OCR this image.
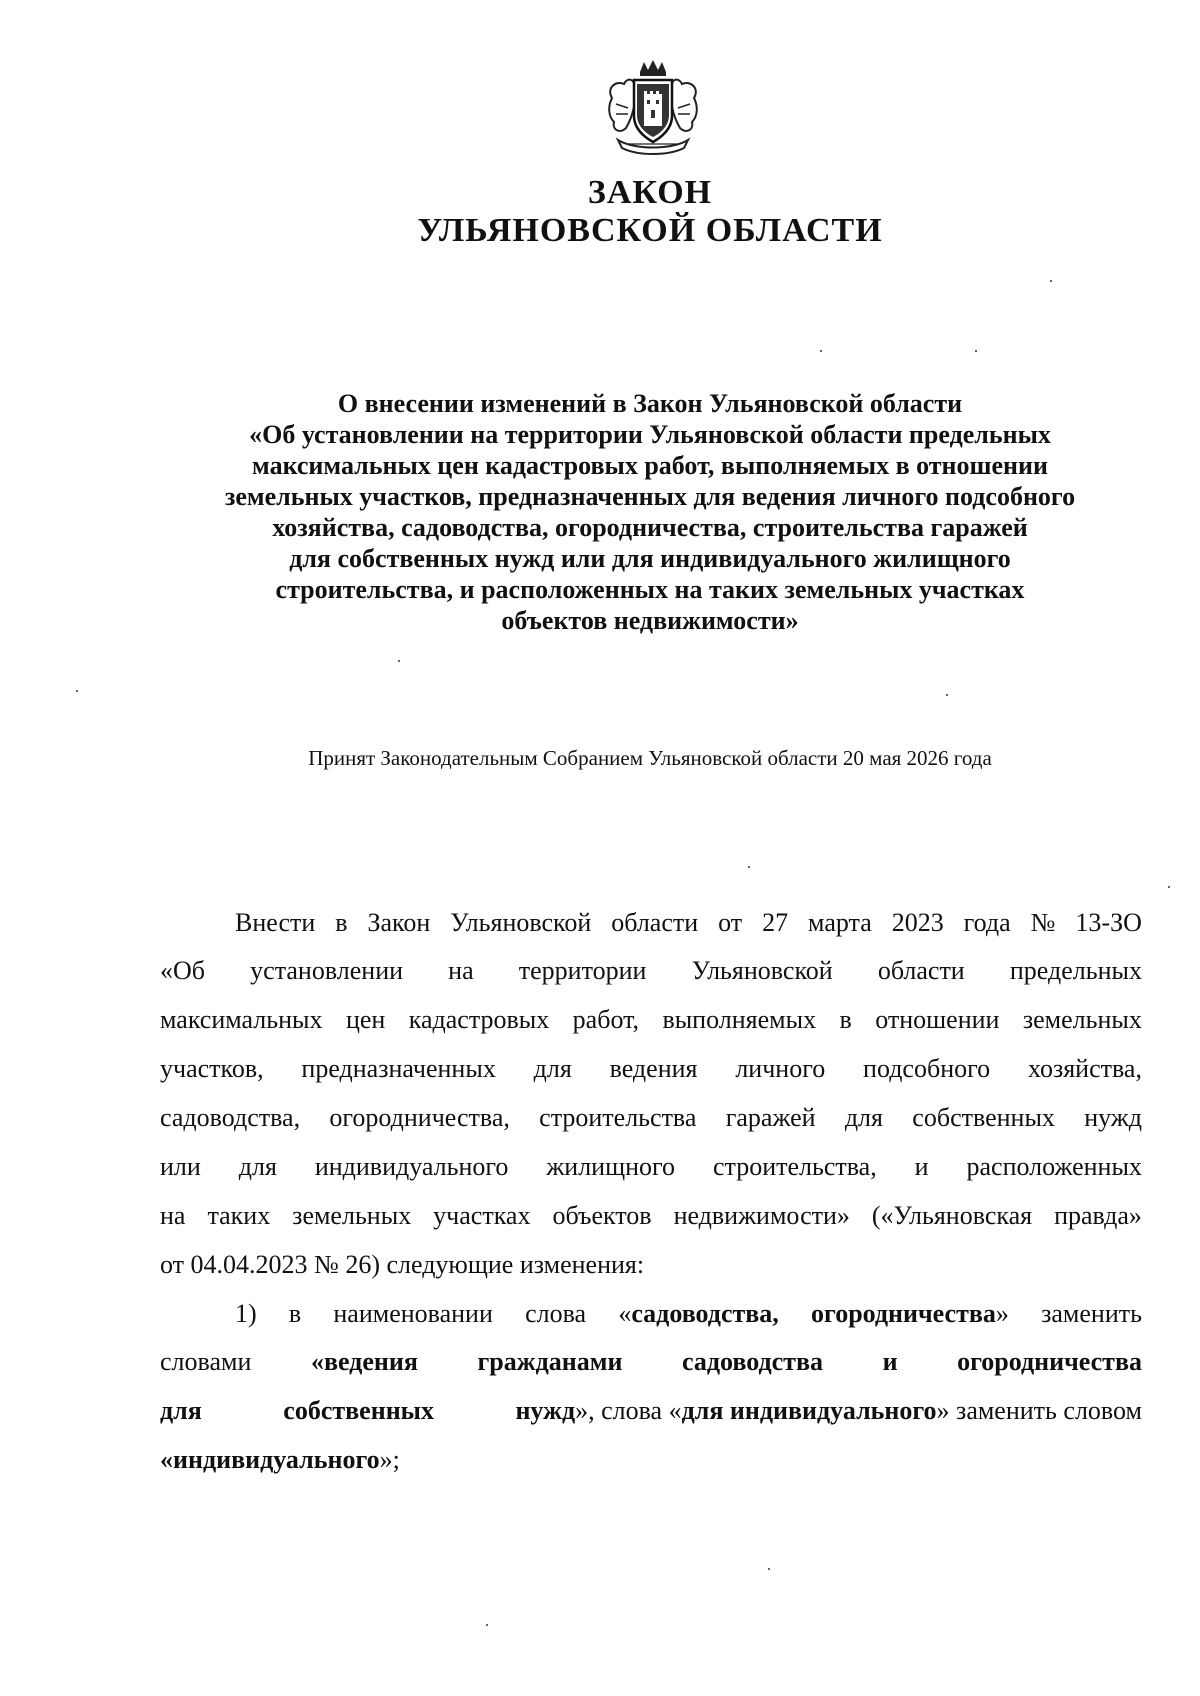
ЗАКОН
УЛЬЯНОВСКОЙ ОБЛАСТИ
О внесении изменений в Закон Ульяновской области
«Об установлении на территории Ульяновской области предельных
максимальных цен кадастровых работ, выполняемых в отношении
земельных участков, предназначенных для ведения личного подсобного
хозяйства, садоводства, огородничества, строительства гаражей
для собственных нужд или для индивидуального жилищного
строительства, и расположенных на таких земельных участках
объектов недвижимости»
Принят Законодательным Собранием Ульяновской области 20 мая 2026 года
Внести в Закон Ульяновской области от 27 марта 2023 года № 13-ЗО
«Об установлении на территории Ульяновской области предельных
максимальных цен кадастровых работ, выполняемых в отношении земельных
участков, предназначенных для ведения личного подсобного хозяйства,
садоводства, огородничества, строительства гаражей для собственных нужд
или для индивидуального жилищного строительства, и расположенных
на таких земельных участках объектов недвижимости» («Ульяновская правда»
от 04.04.2023 № 26) следующие изменения:
1) в наименовании слова «садоводства, огородничества» заменить
словами «ведения гражданами садоводства и огородничества
для	собственных	нужд», слова «для индивидуального» заменить словом
«индивидуального»;
